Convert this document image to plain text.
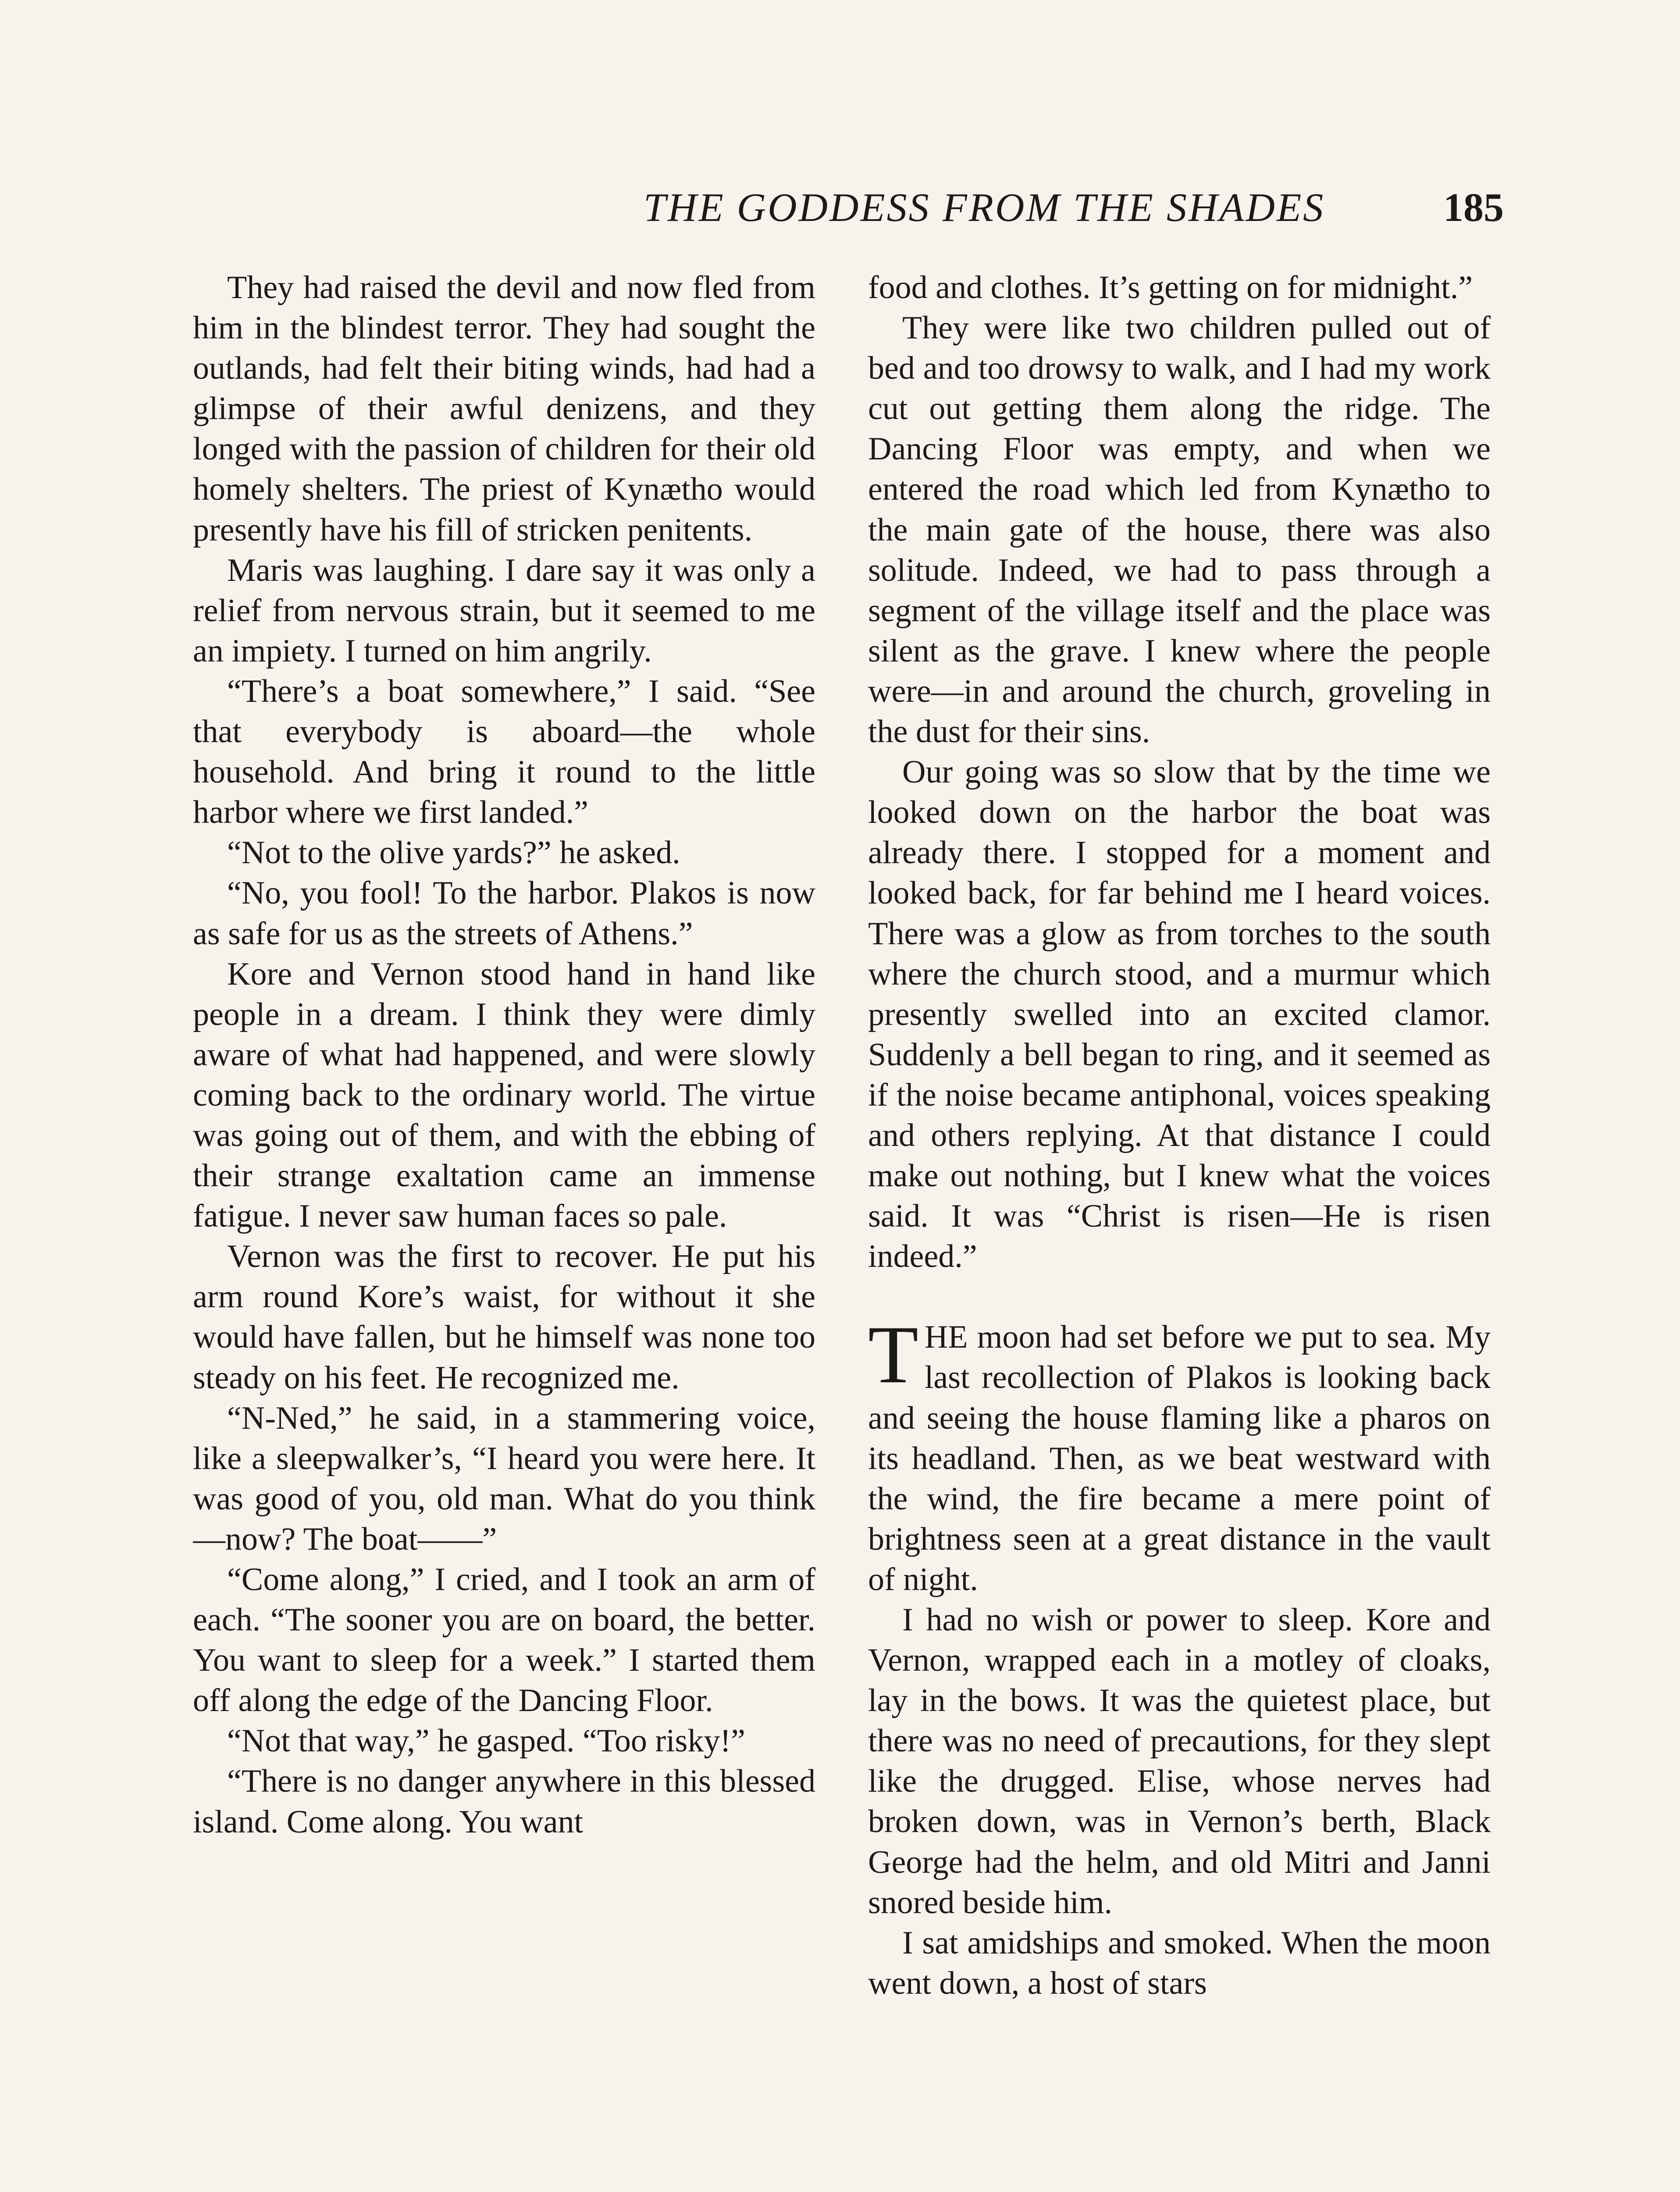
THE GODDESS FROM THE SHADES	185

They had raised the devil and now fled from him in the blindest terror. They had sought the outlands, had felt their biting winds, had had a glimpse of their awful denizens, and they longed with the passion of children for their old homely shelters. The priest of Kynætho would presently have his fill of stricken penitents.

Maris was laughing. I dare say it was only a relief from nervous strain, but it seemed to me an impiety. I turned on him angrily.

“There’s a boat somewhere,” I said. “See that everybody is aboard—the whole household. And bring it round to the little harbor where we first landed.”

“Not to the olive yards?” he asked.

“No, you fool! To the harbor. Plakos is now as safe for us as the streets of Athens.”

Kore and Vernon stood hand in hand like people in a dream. I think they were dimly aware of what had happened, and were slowly coming back to the ordinary world. The virtue was going out of them, and with the ebbing of their strange exaltation came an immense fatigue. I never saw human faces so pale.

Vernon was the first to recover. He put his arm round Kore’s waist, for without it she would have fallen, but he himself was none too steady on his feet. He recognized me.

“N-Ned,” he said, in a stammering voice, like a sleepwalker’s, “I heard you were here. It was good of you, old man. What do you think—now? The boat——”

“Come along,” I cried, and I took an arm of each. “The sooner you are on board, the better. You want to sleep for a week.” I started them off along the edge of the Dancing Floor.

“Not that way,” he gasped. “Too risky!”

“There is no danger anywhere in this blessed island. Come along. You want

food and clothes. It’s getting on for midnight.”

They were like two children pulled out of bed and too drowsy to walk, and I had my work cut out getting them along the ridge. The Dancing Floor was empty, and when we entered the road which led from Kynætho to the main gate of the house, there was also solitude. Indeed, we had to pass through a segment of the village itself and the place was silent as the grave. I knew where the people were—in and around the church, groveling in the dust for their sins.

Our going was so slow that by the time we looked down on the harbor the boat was already there. I stopped for a moment and looked back, for far behind me I heard voices. There was a glow as from torches to the south where the church stood, and a murmur which presently swelled into an excited clamor. Suddenly a bell began to ring, and it seemed as if the noise became antiphonal, voices speaking and others replying. At that distance I could make out nothing, but I knew what the voices said. It was “Christ is risen—He is risen indeed.”

THE moon had set before we put to sea. My last recollection of Plakos is looking back and seeing the house flaming like a pharos on its headland. Then, as we beat westward with the wind, the fire became a mere point of brightness seen at a great distance in the vault of night.

I had no wish or power to sleep. Kore and Vernon, wrapped each in a motley of cloaks, lay in the bows. It was the quietest place, but there was no need of precautions, for they slept like the drugged. Elise, whose nerves had broken down, was in Vernon’s berth, Black George had the helm, and old Mitri and Janni snored beside him.

I sat amidships and smoked. When the moon went down, a host of stars
